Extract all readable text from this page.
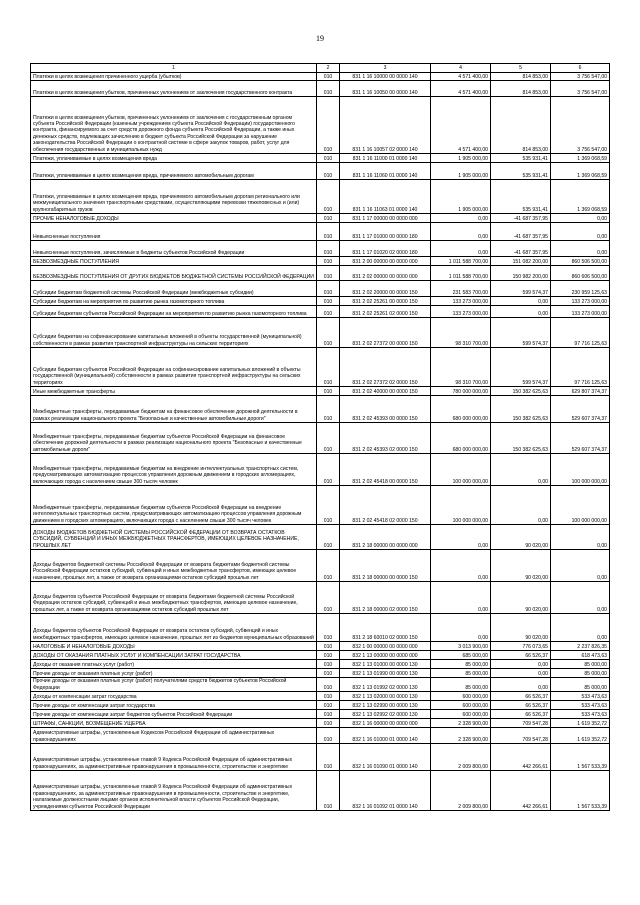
19
1	2	3	4	5	6
Платежи в целях возмещения причиненного ущерба (убытков)	010	831 1 16 10000 00 0000 140	4 571 400,00	814 853,00	3 756 547,00
Платежи в целях возмещения убытков, причиненных уклонением от заключения государственного контракта	010	831 1 16 10050 00 0000 140	4 571 400,00	814 853,00	3 756 547,00
Платежи в целях возмещения убытков, причиненных уклонением от заключения с государственным органом субъекта Российской Федерации (казенным учреждением субъекта Российской Федерации) государственного контракта, финансируемого за счет средств дорожного фонда субъекта Российской Федерации, а также иных денежных средств, подлежащих зачислению в бюджет субъекта Российской Федерации за нарушение законодательства Российской Федерации о контрактной системе в сфере закупок товаров, работ, услуг для обеспечения государственных и муниципальных нужд	010	831 1 16 10057 02 0000 140	4 571 400,00	814 853,00	3 756 547,00
Платежи, уплачиваемые в целях возмещения вреда	010	831 1 16 11000 01 0000 140	1 905 000,00	535 931,41	1 369 068,59
Платежи, уплачиваемые в целях возмещения вреда, причиняемого автомобильным дорогам	010	831 1 16 11060 01 0000 140	1 905 000,00	535 931,41	1 369 068,59
Платежи, уплачиваемые в целях возмещения вреда, причиняемого автомобильным дорогам регионального или межмуниципального значения транспортными средствами, осуществляющими перевозки тяжеловесных и (или) крупногабаритных грузов	010	831 1 16 11063 01 0000 140	1 905 000,00	535 931,41	1 369 068,59
ПРОЧИЕ НЕНАЛОГОВЫЕ ДОХОДЫ	010	831 1 17 00000 00 0000 000	0,00	-41 687 357,95	0,00
Невыясненные поступления	010	831 1 17 01000 00 0000 180	0,00	-41 687 357,95	0,00
Невыясненные поступления, зачисляемые в бюджеты субъектов Российской Федерации	010	831 1 17 01020 02 0000 180	0,00	-41 687 357,95	0,00
БЕЗВОЗМЕЗДНЫЕ ПОСТУПЛЕНИЯ	010	831 2 00 00000 00 0000 000	1 011 588 700,00	151 082 200,00	860 506 500,00
БЕЗВОЗМЕЗДНЫЕ ПОСТУПЛЕНИЯ ОТ ДРУГИХ БЮДЖЕТОВ БЮДЖЕТНОЙ СИСТЕМЫ РОССИЙСКОЙ ФЕДЕРАЦИИ	010	831 2 02 00000 00 0000 000	1 011 588 700,00	150 982 200,00	860 606 500,00
Субсидии бюджетам бюджетной системы Российской Федерации (межбюджетные субсидии)	010	831 2 02 20000 00 0000 150	231 583 700,00	599 574,37	230 959 125,63
Субсидии бюджетам на мероприятия по развитию рынка газомоторного топлива	010	831 2 02 25261 00 0000 150	133 273 000,00	0,00	133 273 000,00
Субсидии бюджетам субъектов Российской Федерации на мероприятия по развитию рынка газомоторного топлива	010	831 2 02 25261 02 0000 150	133 273 000,00	0,00	133 273 000,00
Субсидии бюджетам на софинансирование капитальных вложений в объекты государственной (муниципальной) собственности в рамках развития транспортной инфраструктуры на сельских территориях	010	831 2 02 27372 00 0000 150	98 310 700,00	599 574,37	97 716 125,63
Субсидии бюджетам субъектов Российской Федерации на софинансирование капитальных вложений в объекты государственной (муниципальной) собственности в рамках развития транспортной инфраструктуры на сельских территориях	010	831 2 02 27372 02 0000 150	98 310 700,00	599 574,37	97 716 125,63
Иные межбюджетные трансферты	010	831 2 02 40000 00 0000 150	780 000 000,00	150 382 625,63	629 807 374,37
Межбюджетные трансферты, передаваемые бюджетам на финансовое обеспечение дорожной деятельности в рамках реализации национального проекта "Безопасные и качественные автомобильные дороги"	010	831 2 02 45393 00 0000 150	680 000 000,00	150 382 625,63	529 607 374,37
Межбюджетные трансферты, передаваемые бюджетам субъектов Российской Федерации на финансовое обеспечение дорожной деятельности в рамках реализации национального проекта "Безопасные и качественные автомобильные дороги"	010	831 2 02 45393 02 0000 150	680 000 000,00	150 382 625,63	529 607 374,37
Межбюджетные трансферты, передаваемые бюджетам на внедрение интеллектуальных транспортных систем, предусматривающих автоматизацию процессов управления дорожным движением в городских агломерациях, включающих города с населением свыше 300 тысяч человек	010	831 2 02 45418 00 0000 150	100 000 000,00	0,00	100 000 000,00
Межбюджетные трансферты, передаваемые бюджетам субъектов Российской Федерации на внедрение интеллектуальных транспортных систем, предусматривающих автоматизацию процессов управления дорожным движением в городских агломерациях, включающих города с населением свыше 300 тысяч человек	010	831 2 02 45418 02 0000 150	100 000 000,00	0,00	100 000 000,00
ДОХОДЫ БЮДЖЕТОВ БЮДЖЕТНОЙ СИСТЕМЫ РОССИЙСКОЙ ФЕДЕРАЦИИ ОТ ВОЗВРАТА ОСТАТКОВ СУБСИДИЙ, СУБВЕНЦИЙ И ИНЫХ МЕЖБЮДЖЕТНЫХ ТРАНСФЕРТОВ, ИМЕЮЩИХ ЦЕЛЕВОЕ НАЗНАЧЕНИЕ, ПРОШЛЫХ ЛЕТ	010	831 2 18 00000 00 0000 000	0,00	90 020,00	0,00
Доходы бюджетов бюджетной системы Российской Федерации от возврата бюджетами бюджетной системы Российской Федерации остатков субсидий, субвенций и иных межбюджетных трансфертов, имеющих целевое назначение, прошлых лет, а также от возврата организациями остатков субсидий прошлых лет	010	831 2 18 00000 00 0000 150	0,00	90 020,00	0,00
Доходы бюджетов субъектов Российской Федерации от возврата бюджетами бюджетной системы Российской Федерации остатков субсидий, субвенций и иных межбюджетных трансфертов, имеющих целевое назначение, прошлых лет, а также от возврата организациями остатков субсидий прошлых лет	010	831 2 18 00000 02 0000 150	0,00	90 020,00	0,00
Доходы бюджетов субъектов Российской Федерации от возврата остатков субсидий, субвенций и иных межбюджетных трансфертов, имеющих целевое назначение, прошлых лет из бюджетов муниципальных образований	010	831 2 18 60010 02 0000 150	0,00	90 020,00	0,00
НАЛОГОВЫЕ И НЕНАЛОГОВЫЕ ДОХОДЫ	010	832 1 00 00000 00 0000 000	3 013 900,00	776 073,65	2 237 826,35
ДОХОДЫ ОТ ОКАЗАНИЯ ПЛАТНЫХ УСЛУГ И КОМПЕНСАЦИИ ЗАТРАТ ГОСУДАРСТВА	010	832 1 13 00000 00 0000 000	685 000,00	66 526,37	618 473,63
Доходы от оказания платных услуг (работ)	010	832 1 13 01000 00 0000 130	85 000,00	0,00	85 000,00
Прочие доходы от оказания платных услуг (работ)	010	832 1 13 01990 00 0000 130	85 000,00	0,00	85 000,00
Прочие доходы от оказания платных услуг (работ) получателями средств бюджетов субъектов Российской Федерации	010	832 1 13 01992 02 0000 130	85 000,00	0,00	85 000,00
Доходы от компенсации затрат государства	010	832 1 13 02000 00 0000 130	600 000,00	66 526,37	533 473,63
Прочие доходы от компенсации затрат государства	010	832 1 13 02990 00 0000 130	600 000,00	66 526,37	533 473,63
Прочие доходы от компенсации затрат бюджетов субъектов Российской Федерации	010	832 1 13 02992 02 0000 130	600 000,00	66 526,37	533 473,63
ШТРАФЫ, САНКЦИИ, ВОЗМЕЩЕНИЕ УЩЕРБА	010	832 1 16 00000 00 0000 000	2 328 900,00	709 547,28	1 619 352,72
Административные штрафы, установленные Кодексом Российской Федерации об административных правонарушениях	010	832 1 16 01000 01 0000 140	2 328 900,00	709 547,28	1 619 352,72
Административные штрафы, установленные главой 9 Кодекса Российской Федерации об административных правонарушениях, за административные правонарушения в промышленности, строительстве и энергетике	010	832 1 16 01090 01 0000 140	2 009 800,00	442 266,61	1 567 533,39
Административные штрафы, установленные главой 9 Кодекса Российской Федерации об административных правонарушениях, за административные правонарушения в промышленности, строительстве и энергетике, налагаемые должностными лицами органов исполнительной власти субъектов Российской Федерации, учреждениями субъектов Российской Федерации	010	832 1 16 01092 01 0000 140	2 009 800,00	442 266,61	1 567 533,39
